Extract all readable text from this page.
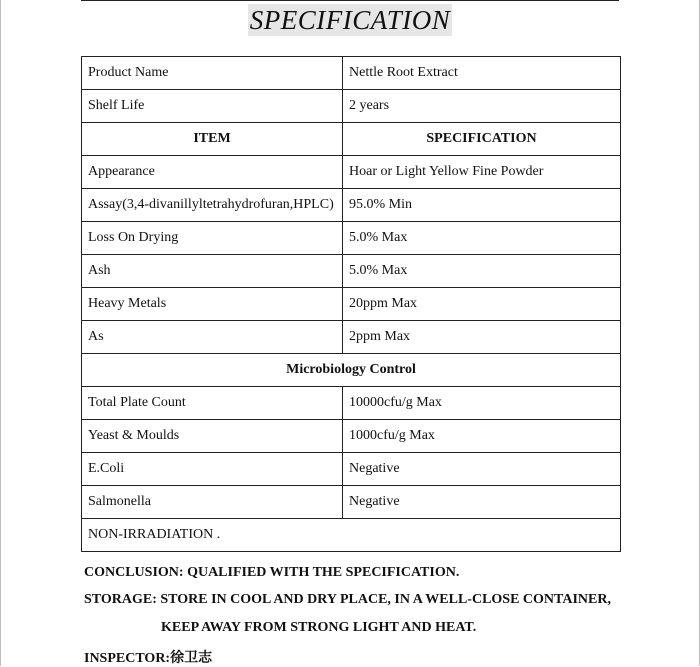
SPECIFICATION
Product Name	Nettle Root Extract
Shelf Life	2 years
ITEM	SPECIFICATION
Appearance	Hoar or Light Yellow Fine Powder
Assay(3,4-divanillyltetrahydrofuran,HPLC)	95.0% Min
Loss On Drying	5.0% Max
Ash	5.0% Max
Heavy Metals	20ppm Max
As	2ppm Max
Microbiology Control	
Total Plate Count	10000cfu/g Max
Yeast & Moulds	1000cfu/g Max
E.Coli	Negative
Salmonella	Negative
NON-IRRADIATION .	
CONCLUSION: QUALIFIED WITH THE SPECIFICATION.
STORAGE: STORE IN COOL AND DRY PLACE, IN A WELL-CLOSE CONTAINER,
KEEP AWAY FROM STRONG LIGHT AND HEAT.
INSPECTOR:徐卫志
